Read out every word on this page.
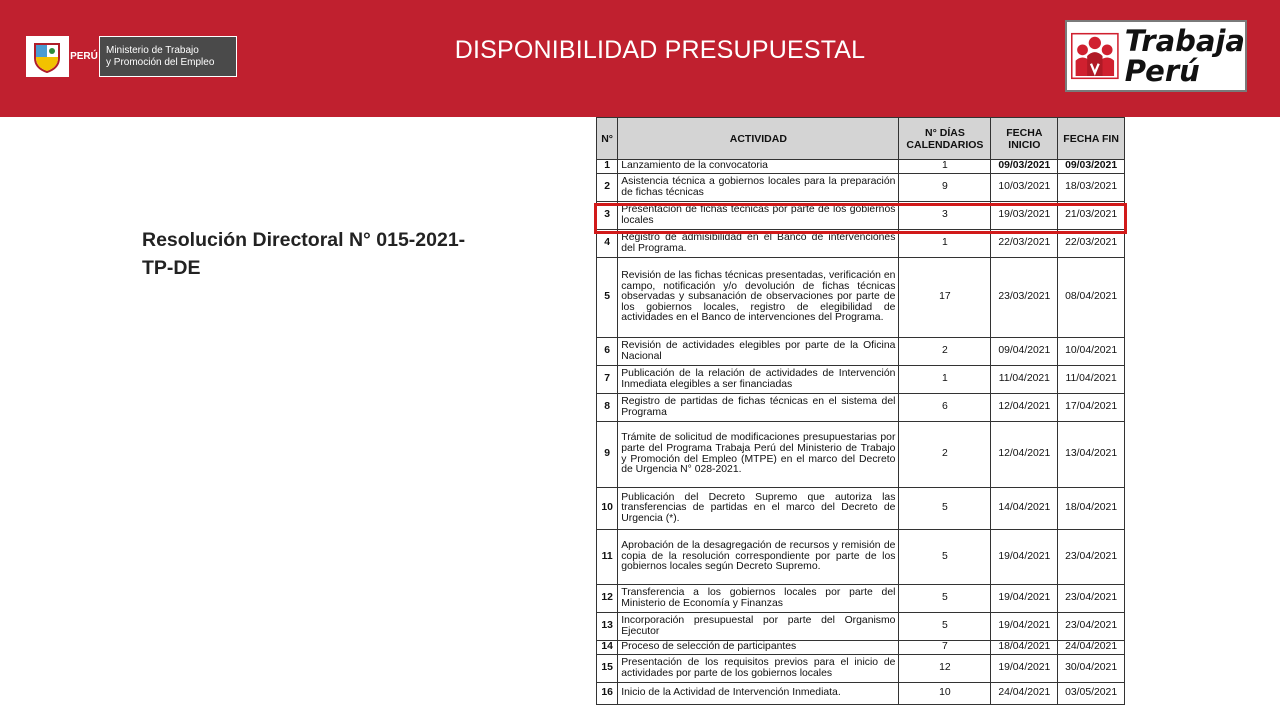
PERÚ
Ministerio de Trabajo
y Promoción del Empleo	DISPONIBILIDAD PRESUPUESTAL	Trabaja
Perú
Resolución Directoral N° 015-2021-TP-DE
N°	ACTIVIDAD	N° DÍAS CALENDARIOS	FECHA INICIO	FECHA FIN
1	Lanzamiento de la convocatoria	1	09/03/2021	09/03/2021
2	Asistencia técnica a gobiernos locales para la preparación de fichas técnicas	9	10/03/2021	18/03/2021
3	Presentación de fichas técnicas por parte de los gobiernos locales	3	19/03/2021	21/03/2021
4	Registro de admisibilidad en el Banco de intervenciones del Programa.	1	22/03/2021	22/03/2021
5	Revisión de las fichas técnicas presentadas, verificación en campo, notificación y/o devolución de fichas técnicas observadas y subsanación de observaciones por parte de los gobiernos locales, registro de elegibilidad de actividades en el Banco de intervenciones del Programa.	17	23/03/2021	08/04/2021
6	Revisión de actividades elegibles por parte de la Oficina Nacional	2	09/04/2021	10/04/2021
7	Publicación de la relación de actividades de Intervención Inmediata elegibles a ser financiadas	1	11/04/2021	11/04/2021
8	Registro de partidas de fichas técnicas en el sistema del Programa	6	12/04/2021	17/04/2021
9	Trámite de solicitud de modificaciones presupuestarias por parte del Programa Trabaja Perú del Ministerio de Trabajo y Promoción del Empleo (MTPE) en el marco del Decreto de Urgencia N° 028-2021.	2	12/04/2021	13/04/2021
10	Publicación del Decreto Supremo que autoriza las transferencias de partidas en el marco del Decreto de Urgencia (*).	5	14/04/2021	18/04/2021
11	Aprobación de la desagregación de recursos y remisión de copia de la resolución correspondiente por parte de los gobiernos locales según Decreto Supremo.	5	19/04/2021	23/04/2021
12	Transferencia a los gobiernos locales por parte del Ministerio de Economía y Finanzas	5	19/04/2021	23/04/2021
13	Incorporación presupuestal por parte del Organismo Ejecutor	5	19/04/2021	23/04/2021
14	Proceso de selección de participantes	7	18/04/2021	24/04/2021
15	Presentación de los requisitos previos para el inicio de actividades por parte de los gobiernos locales	12	19/04/2021	30/04/2021
16	Inicio de la Actividad de Intervención Inmediata.	10	24/04/2021	03/05/2021
